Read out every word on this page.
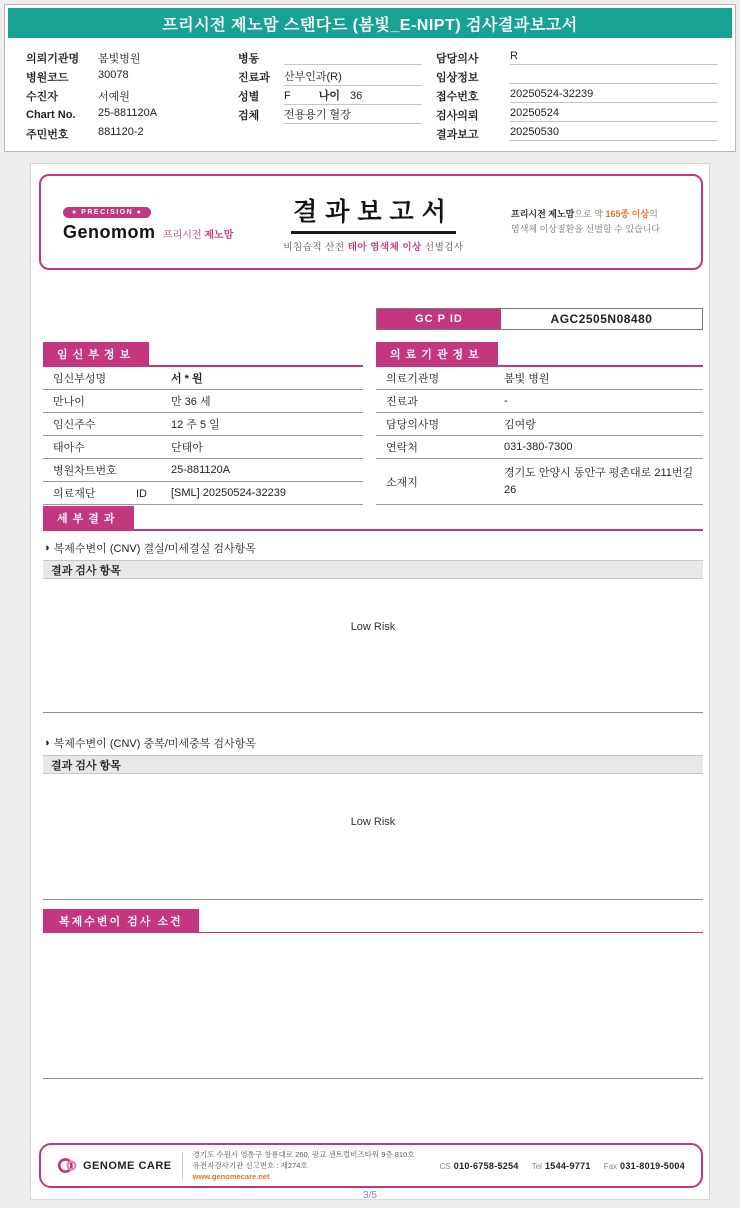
프리시전 제노맘 스탠다드 (봄빛_E-NIPT) 검사결과보고서
의뢰기관명	봄빛병원
병원코드	30078
수진자	서예원
Chart No.	25-881120A
주민번호	881120-2
병동
진료과	산부인과(R)
성별	F	나이 36
검체	전용용기 혈장
담당의사	R
임상정보
접수번호	20250524-32239
검사의뢰	20250524
결과보고	20250530
● PRECISION ●
Genomom 프리시전 제노맘
결과보고서
비침습적 산전 태아 염색체 이상 선별검사
프리시전 제노맘으로 약 165종 이상의
염색체 이상질환을 선별할 수 있습니다
GC P ID	AGC2505N08480
임신부정보
임신부성명	서 * 원
만나이	만 36 세
임신주수	12 주 5 일
태아수	단태아
병원차트번호	25-881120A
의료재단 ID	[SML] 20250524-32239
의료기관정보
의료기관명	봄빛 병원
진료과	-
담당의사명	김여랑
연락처	031-380-7300
소재지
경기도 안양시 동안구 평촌대로 211번길 26
세부결과
◑ 복제수변이 (CNV) 결실/미세결실 검사항목
결과 검사 항목
Low Risk
◑ 복제수변이 (CNV) 중복/미세중복 검사항목
결과 검사 항목
Low Risk
복제수변이 검사 소견
GENOME CARE
경기도 수원시 영통구 창룡대로 260, 광교 센트럴비즈타워 9층 810호
유전자검사기관 신고번호 : 제274호
www.genomecare.net
CS 010-6758-5254 Tel 1544-9771 Fax 031-8019-5004
3/5
